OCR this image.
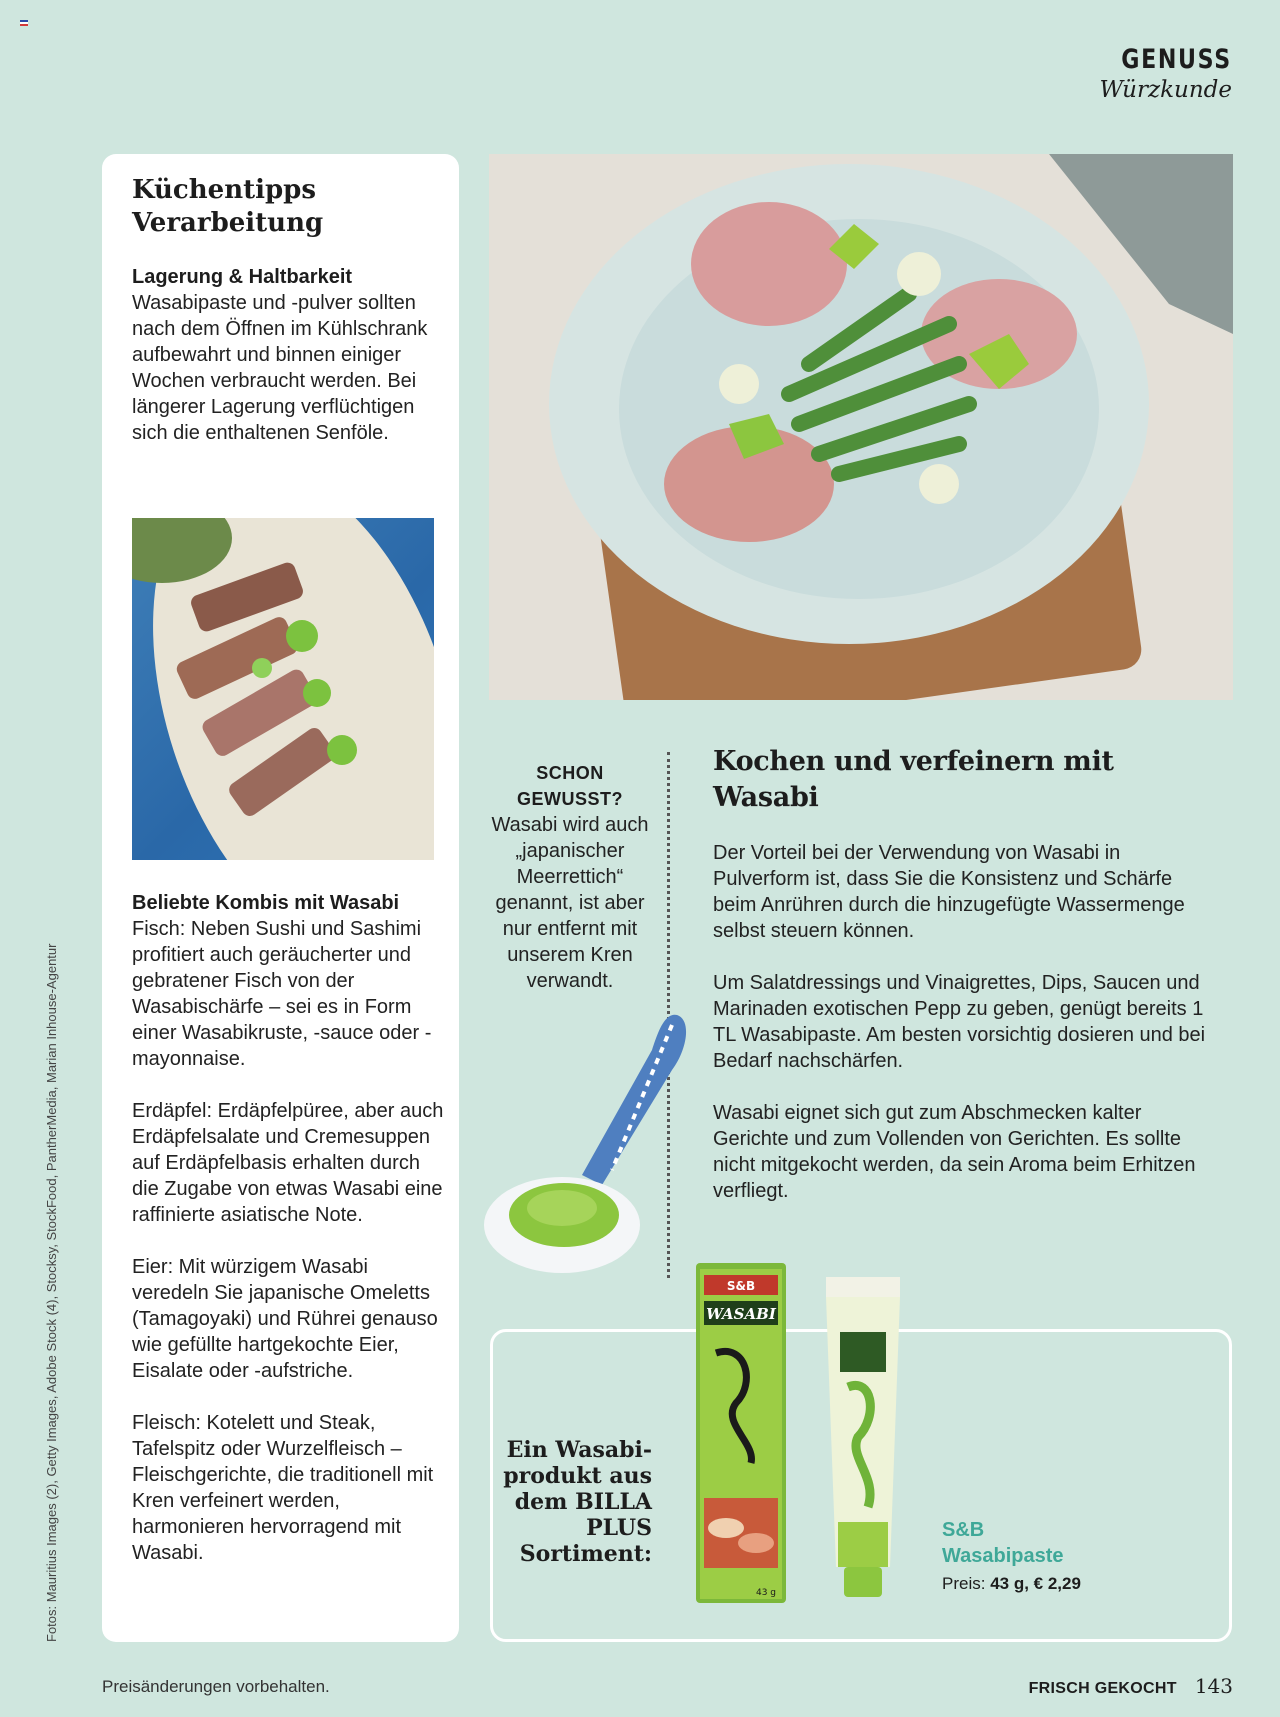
GENUSS
Würzkunde
Küchentipps Verarbeitung
Lagerung & Haltbarkeit
Wasabipaste und -pulver sollten nach dem Öffnen im Kühlschrank aufbewahrt und binnen einiger Wochen verbraucht werden. Bei längerer Lagerung verflüchtigen sich die enthaltenen Senföle.
Beliebte Kombis mit Wasabi

Fisch: Neben Sushi und Sashimi profitiert auch geräucherter und gebratener Fisch von der Wasabischärfe – sei es in Form einer Wasabikruste, -sauce oder -mayonnaise.

Erdäpfel: Erdäpfelpüree, aber auch Erdäpfelsalate und Cremesuppen auf Erdäpfelbasis erhalten durch die Zugabe von etwas Wasabi eine raffinierte asiatische Note.

Eier: Mit würzigem Wasabi veredeln Sie japanische Omeletts (Tamagoyaki) und Rührei genauso wie gefüllte hartgekochte Eier, Eisalate oder -aufstriche.

Fleisch: Kotelett und Steak, Tafelspitz oder Wurzelfleisch – Fleischgerichte, die traditionell mit Kren verfeinert werden, harmonieren hervorragend mit Wasabi.

SCHON
GEWUSST?
Wasabi wird auch „japanischer Meerrettich“ genannt, ist aber nur entfernt mit unserem Kren verwandt.
Kochen und verfeinern mit Wasabi

Der Vorteil bei der Verwendung von Wasabi in Pulverform ist, dass Sie die Konsistenz und Schärfe beim Anrühren durch die hinzugefügte Wassermenge selbst steuern können.

Um Salatdressings und Vinaigrettes, Dips, Saucen und Marinaden exotischen Pepp zu geben, genügt bereits 1 TL Wasabipaste. Am besten vorsichtig dosieren und bei Bedarf nachschärfen.

Wasabi eignet sich gut zum Abschmecken kalter Gerichte und zum Vollenden von Gerichten. Es sollte nicht mitgekocht werden, da sein Aroma beim Erhitzen verfliegt.

Ein Wasabi-produkt aus dem BILLA PLUS Sortiment:
S&B
WASABI
43 g
S&B
Wasabipaste
Preis: 43 g, € 2,29
Fotos: Mauritius Images (2), Getty Images, Adobe Stock (4), Stocksy, StockFood, PantherMedia, Marian Inhouse-Agentur
Preisänderungen vorbehalten.	FRISCH GEKOCHT 143
